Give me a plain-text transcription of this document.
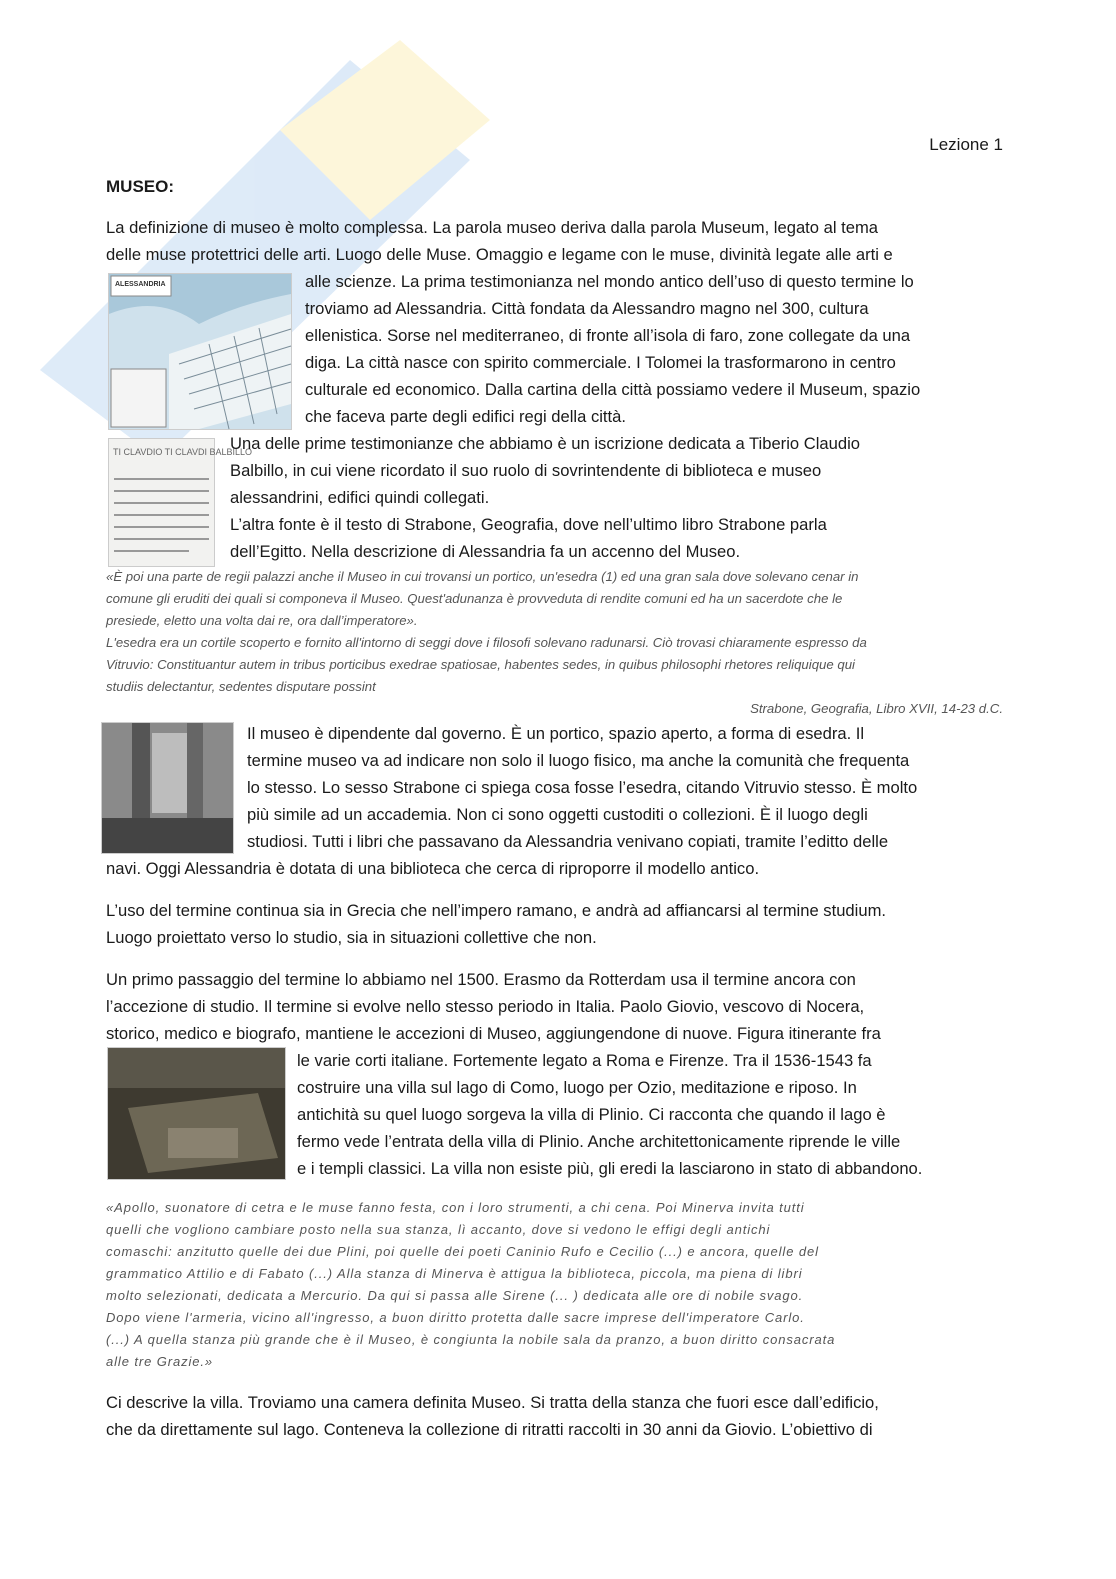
Lezione 1
MUSEO:
ALESSANDRIA
TI CLAVDIO TI CLAVDI BALBILLO
La definizione di museo è molto complessa. La parola museo deriva dalla parola Museum, legato al tema
delle muse protettrici delle arti. Luogo delle Muse. Omaggio e legame con le muse, divinità legate alle arti e
alle scienze. La prima testimonianza nel mondo antico dell’uso di questo termine lo
troviamo ad Alessandria. Città fondata da Alessandro magno nel 300, cultura
ellenistica. Sorse nel mediterraneo, di fronte all’isola di faro, zone collegate da una
diga. La città nasce con spirito commerciale. I Tolomei la trasformarono in centro
culturale ed economico. Dalla cartina della città possiamo vedere il Museum, spazio
che faceva parte degli edifici regi della città.
Una delle prime testimonianze che abbiamo è un iscrizione dedicata a Tiberio Claudio
Balbillo, in cui viene ricordato il suo ruolo di sovrintendente di biblioteca e museo
alessandrini, edifici quindi collegati.
L’altra fonte è il testo di Strabone, Geografia, dove nell’ultimo libro Strabone parla
dell’Egitto. Nella descrizione di Alessandria fa un accenno del Museo.
Il museo è dipendente dal governo. È un portico, spazio aperto, a forma di esedra. Il
termine museo va ad indicare non solo il luogo fisico, ma anche la comunità che frequenta
lo stesso. Lo sesso Strabone ci spiega cosa fosse l’esedra, citando Vitruvio stesso. È molto
più simile ad un accademia. Non ci sono oggetti custoditi o collezioni. È il luogo degli
studiosi. Tutti i libri che passavano da Alessandria venivano copiati, tramite l’editto delle
navi. Oggi Alessandria è dotata di una biblioteca che cerca di riproporre il modello antico.
L’uso del termine continua sia in Grecia che nell’impero ramano, e andrà ad affiancarsi al termine studium.
Luogo proiettato verso lo studio, sia in situazioni collettive che non.
Un primo passaggio del termine lo abbiamo nel 1500. Erasmo da Rotterdam usa il termine ancora con
l’accezione di studio. Il termine si evolve nello stesso periodo in Italia. Paolo Giovio, vescovo di Nocera,
storico, medico e biografo, mantiene le accezioni di Museo, aggiungendone di nuove. Figura itinerante fra
le varie corti italiane. Fortemente legato a Roma e Firenze. Tra il 1536-1543 fa
costruire una villa sul lago di Como, luogo per Ozio, meditazione e riposo. In
antichità su quel luogo sorgeva la villa di Plinio. Ci racconta che quando il lago è
fermo vede l’entrata della villa di Plinio. Anche architettonicamente riprende le ville
e i templi classici. La villa non esiste più, gli eredi la lasciarono in stato di abbandono.
Ci descrive la villa. Troviamo una camera definita Museo. Si tratta della stanza che fuori esce dall’edificio,
che da direttamente sul lago. Conteneva la collezione di ritratti raccolti in 30 anni da Giovio. L’obiettivo di
«È poi una parte de regii palazzi anche il Museo in cui trovansi un portico, un'esedra (1) ed una gran sala dove solevano cenar in
comune gli eruditi dei quali si componeva il Museo. Quest'adunanza è provveduta di rendite comuni ed ha un sacerdote che le
presiede, eletto una volta dai re, ora dall’imperatore».
L'esedra era un cortile scoperto e fornito all'intorno di seggi dove i filosofi solevano radunarsi. Ciò trovasi chiaramente espresso da
Vitruvio: Constituantur autem in tribus porticibus exedrae spatiosae, habentes sedes, in quibus philosophi rhetores reliquique qui
studiis delectantur, sedentes disputare possint
Strabone, Geografia, Libro XVII, 14-23 d.C.
«Apollo, suonatore di cetra e le muse fanno festa, con i loro strumenti, a chi cena. Poi Minerva invita tutti
quelli che vogliono cambiare posto nella sua stanza, lì accanto, dove si vedono le effigi degli antichi
comaschi: anzitutto quelle dei due Plini, poi quelle dei poeti Caninio Rufo e Cecilio (...) e ancora, quelle del
grammatico Attilio e di Fabato (...) Alla stanza di Minerva è attigua la biblioteca, piccola, ma piena di libri
molto selezionati, dedicata a Mercurio. Da qui si passa alle Sirene (... ) dedicata alle ore di nobile svago.
Dopo viene l'armeria, vicino all'ingresso, a buon diritto protetta dalle sacre imprese dell'imperatore Carlo.
(...) A quella stanza più grande che è il Museo, è congiunta la nobile sala da pranzo, a buon diritto consacrata
alle tre Grazie.»
